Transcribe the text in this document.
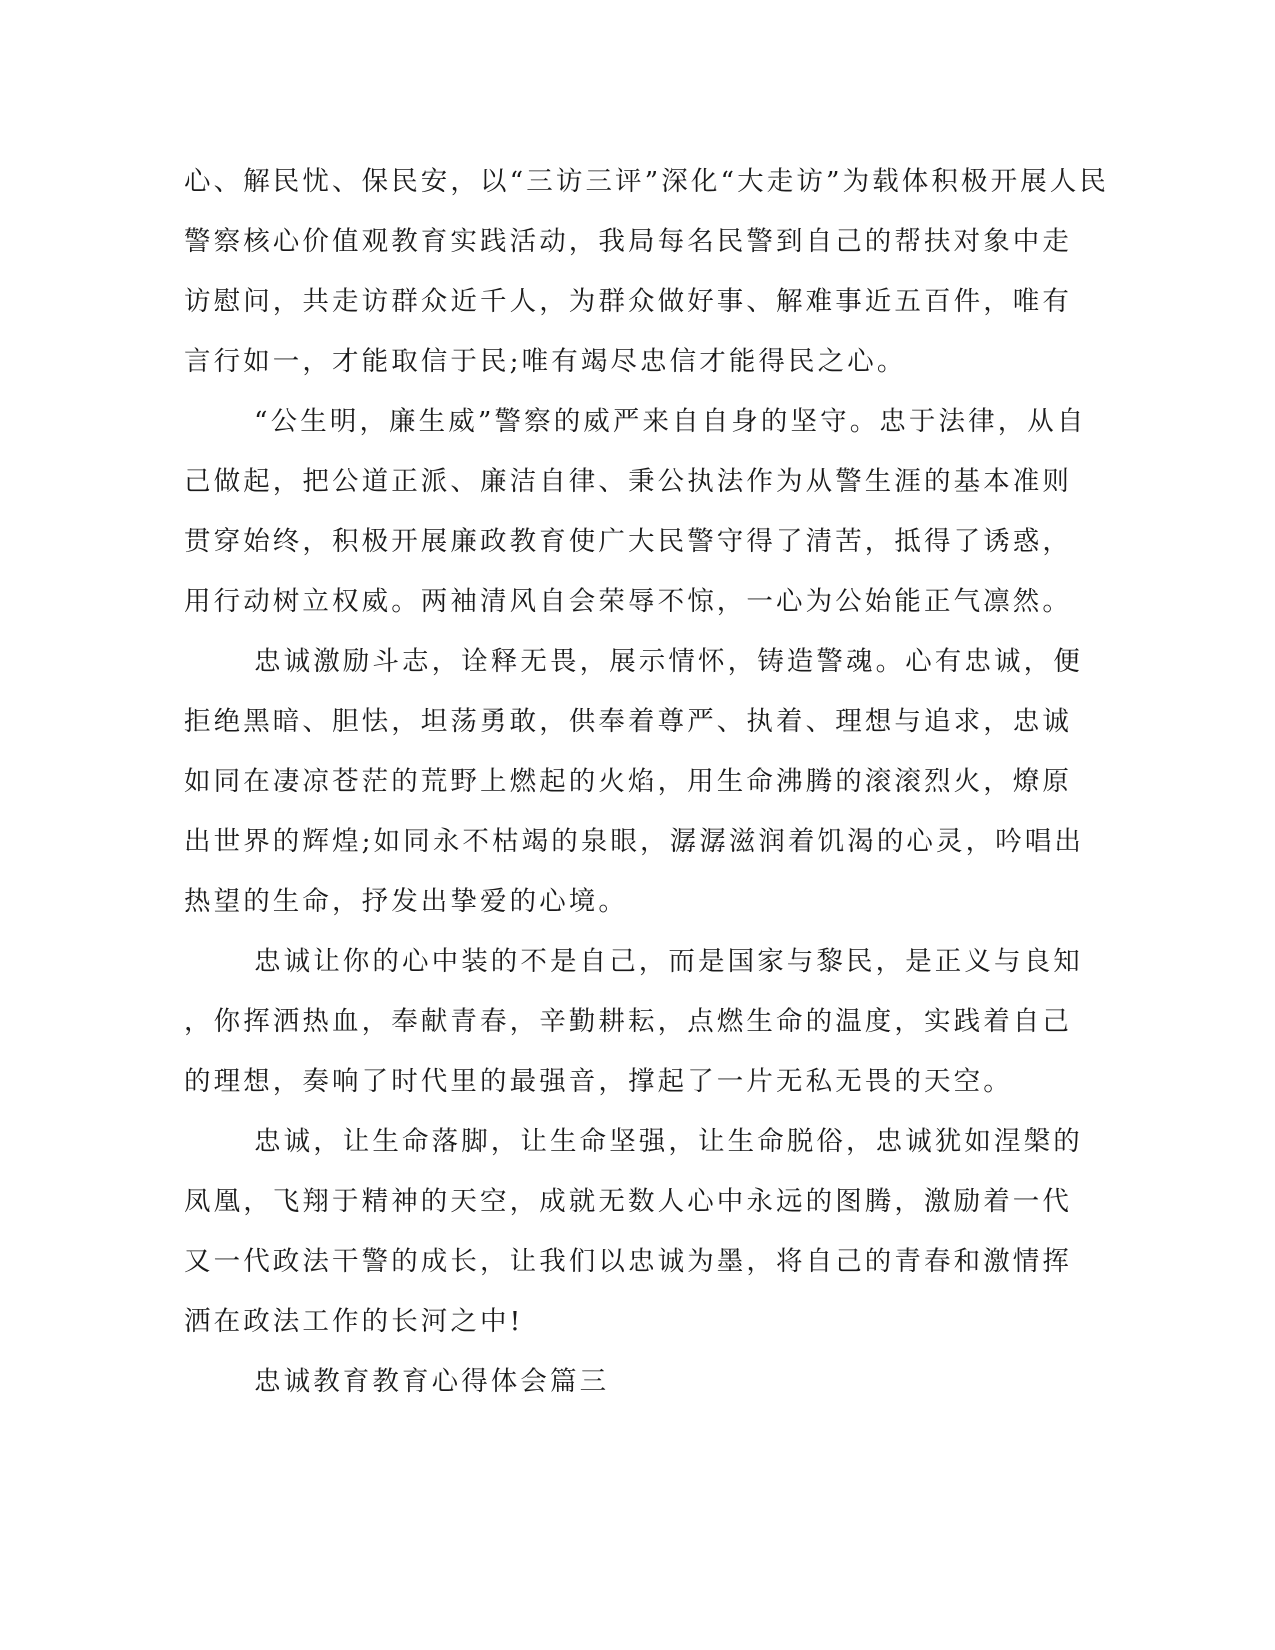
心、解民忧、保民安，以“三访三评”深化“大走访”为载体积极开展人民
警察核心价值观教育实践活动，我局每名民警到自己的帮扶对象中走
访慰问，共走访群众近千人，为群众做好事、解难事近五百件，唯有
言行如一，才能取信于民;唯有竭尽忠信才能得民之心。
“公生明，廉生威”警察的威严来自自身的坚守。忠于法律，从自
己做起，把公道正派、廉洁自律、秉公执法作为从警生涯的基本准则
贯穿始终，积极开展廉政教育使广大民警守得了清苦，抵得了诱惑，
用行动树立权威。两袖清风自会荣辱不惊，一心为公始能正气凛然。
忠诚激励斗志，诠释无畏，展示情怀，铸造警魂。心有忠诚，便
拒绝黑暗、胆怯，坦荡勇敢，供奉着尊严、执着、理想与追求，忠诚
如同在凄凉苍茫的荒野上燃起的火焰，用生命沸腾的滚滚烈火，燎原
出世界的辉煌;如同永不枯竭的泉眼，潺潺滋润着饥渴的心灵，吟唱出
热望的生命，抒发出挚爱的心境。
忠诚让你的心中装的不是自己，而是国家与黎民，是正义与良知
，你挥洒热血，奉献青春，辛勤耕耘，点燃生命的温度，实践着自己
的理想，奏响了时代里的最强音，撑起了一片无私无畏的天空。
忠诚，让生命落脚，让生命坚强，让生命脱俗，忠诚犹如涅槃的
凤凰，飞翔于精神的天空，成就无数人心中永远的图腾，激励着一代
又一代政法干警的成长，让我们以忠诚为墨，将自己的青春和激情挥
洒在政法工作的长河之中!
忠诚教育教育心得体会篇三
